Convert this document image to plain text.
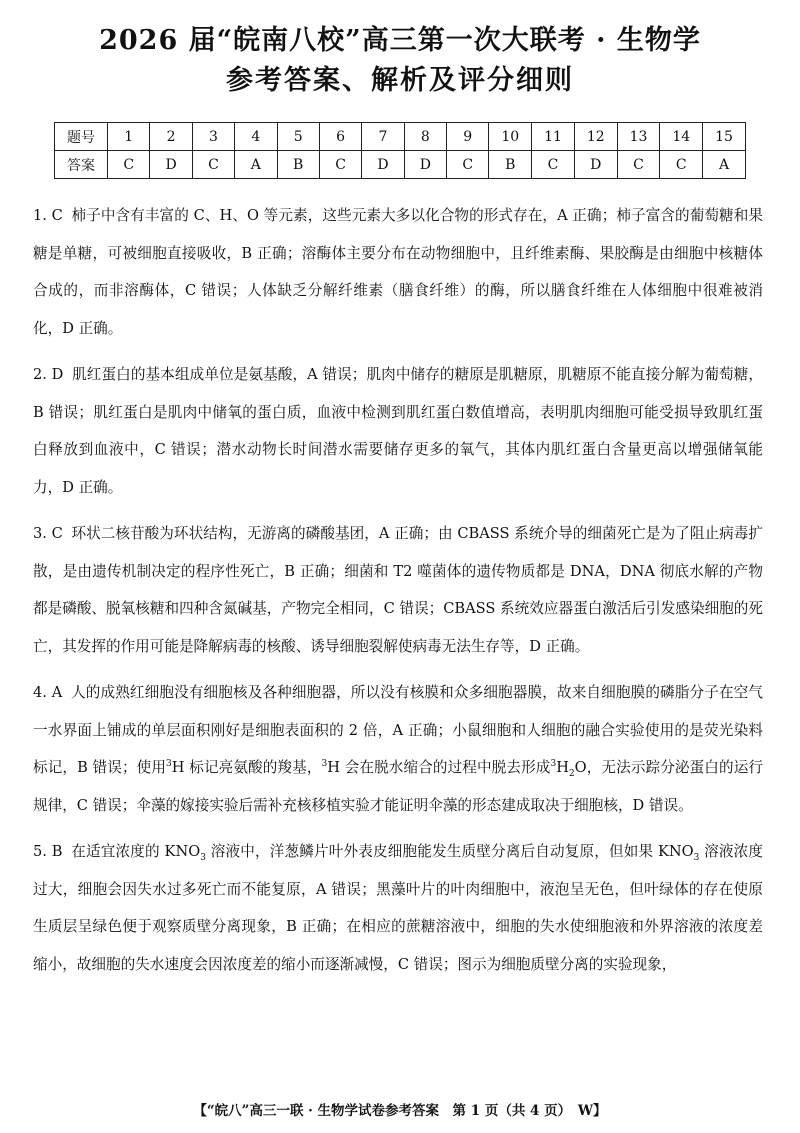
2026 届“皖南八校”高三第一次大联考 · 生物学
参考答案、解析及评分细则
题号	1	2	3	4	5	6	7	8	9	10	11	12	13	14	15
答案	C	D	C	A	B	C	D	D	C	B	C	D	C	C	A
1. C 柿子中含有丰富的 C、H、O 等元素，这些元素大多以化合物的形式存在，A 正确；柿子富含的葡萄糖和果糖是单糖，可被细胞直接吸收，B 正确；溶酶体主要分布在动物细胞中，且纤维素酶、果胶酶是由细胞中核糖体合成的，而非溶酶体，C 错误；人体缺乏分解纤维素（膳食纤维）的酶，所以膳食纤维在人体细胞中很难被消化，D 正确。
2. D 肌红蛋白的基本组成单位是氨基酸，A 错误；肌肉中储存的糖原是肌糖原，肌糖原不能直接分解为葡萄糖，B 错误；肌红蛋白是肌肉中储氧的蛋白质，血液中检测到肌红蛋白数值增高，表明肌肉细胞可能受损导致肌红蛋白释放到血液中，C 错误；潜水动物长时间潜水需要储存更多的氧气，其体内肌红蛋白含量更高以增强储氧能力，D 正确。
3. C 环状二核苷酸为环状结构，无游离的磷酸基团，A 正确；由 CBASS 系统介导的细菌死亡是为了阻止病毒扩散，是由遗传机制决定的程序性死亡，B 正确；细菌和 T2 噬菌体的遗传物质都是 DNA，DNA 彻底水解的产物都是磷酸、脱氧核糖和四种含氮碱基，产物完全相同，C 错误；CBASS 系统效应器蛋白激活后引发感染细胞的死亡，其发挥的作用可能是降解病毒的核酸、诱导细胞裂解使病毒无法生存等，D 正确。
4. A 人的成熟红细胞没有细胞核及各种细胞器，所以没有核膜和众多细胞器膜，故来自细胞膜的磷脂分子在空气一水界面上铺成的单层面积刚好是细胞表面积的 2 倍，A 正确；小鼠细胞和人细胞的融合实验使用的是荧光染料标记，B 错误；使用$^3$H 标记亮氨酸的羧基，$^3$H 会在脱水缩合的过程中脱去形成$^3H_2O$，无法示踪分泌蛋白的运行规律，C 错误；伞藻的嫁接实验后需补充核移植实验才能证明伞藻的形态建成取决于细胞核，D 错误。
5. B 在适宜浓度的 $KNO_3$ 溶液中，洋葱鳞片叶外表皮细胞能发生质壁分离后自动复原，但如果 $KNO_3$ 溶液浓度过大，细胞会因失水过多死亡而不能复原，A 错误；黑藻叶片的叶肉细胞中，液泡呈无色，但叶绿体的存在使原生质层呈绿色便于观察质壁分离现象，B 正确；在相应的蔗糖溶液中，细胞的失水使细胞液和外界溶液的浓度差缩小，故细胞的失水速度会因浓度差的缩小而逐渐减慢，C 错误；图示为细胞质壁分离的实验现象，
【“皖八”高三一联 · 生物学试卷参考答案　第 1 页（共 4 页）　W】
